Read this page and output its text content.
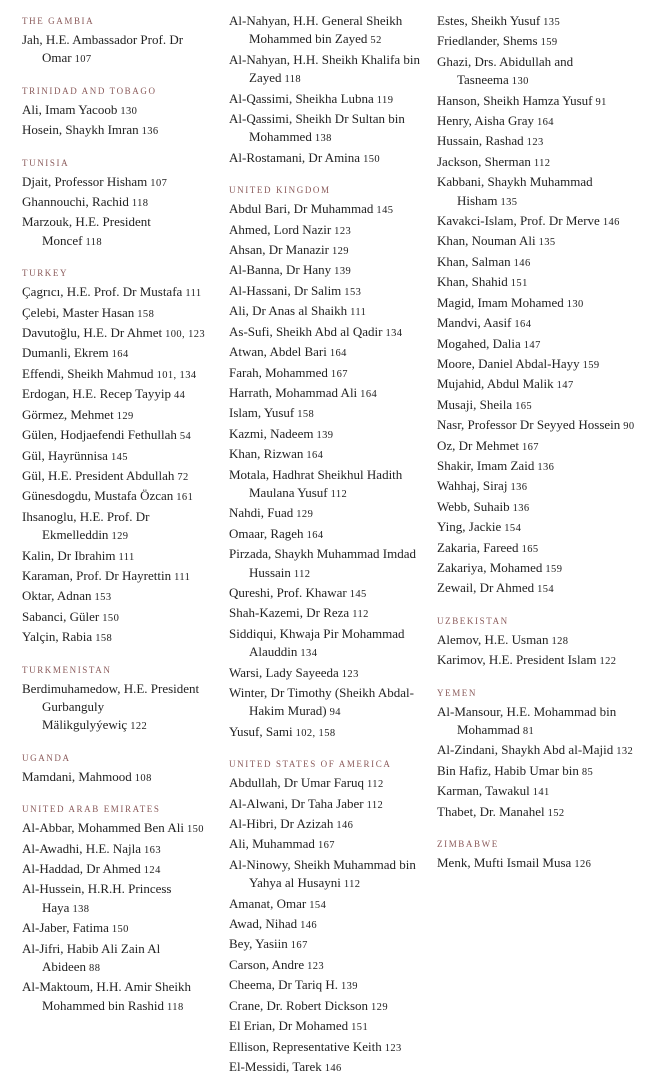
THE GAMBIA
Jah, H.E. Ambassador Prof. Dr Omar 107
TRINIDAD AND TOBAGO
Ali, Imam Yacoob 130
Hosein, Shaykh Imran 136
TUNISIA
Djait, Professor Hisham 107
Ghannouchi, Rachid 118
Marzouk, H.E. President Moncef 118
TURKEY
Çagrıcı, H.E. Prof. Dr Mustafa 111
Çelebi, Master Hasan 158
Davutoğlu, H.E. Dr Ahmet 100, 123
Dumanli, Ekrem 164
Effendi, Sheikh Mahmud 101, 134
Erdogan, H.E. Recep Tayyip 44
Görmez, Mehmet 129
Gülen, Hodjaefendi Fethullah 54
Gül, Hayrünnisa 145
Gül, H.E. President Abdullah 72
Günesdogdu, Mustafa Özcan 161
Ihsanoglu, H.E. Prof. Dr Ekmelleddin 129
Kalin, Dr Ibrahim 111
Karaman, Prof. Dr Hayrettin 111
Oktar, Adnan 153
Sabanci, Güler 150
Yalçin, Rabia 158
TURKMENISTAN
Berdimuhamedow, H.E. President Gurbanguly Mälikgulyýewiç 122
UGANDA
Mamdani, Mahmood 108
UNITED ARAB EMIRATES
Al-Abbar, Mohammed Ben Ali 150
Al-Awadhi, H.E. Najla 163
Al-Haddad, Dr Ahmed 124
Al-Hussein, H.R.H. Princess Haya 138
Al-Jaber, Fatima 150
Al-Jifri, Habib Ali Zain Al Abideen 88
Al-Maktoum, H.H. Amir Sheikh Mohammed bin Rashid 118
Al-Nahyan, H.H. General Sheikh Mohammed bin Zayed 52
Al-Nahyan, H.H. Sheikh Khalifa bin Zayed 118
Al-Qassimi, Sheikha Lubna 119
Al-Qassimi, Sheikh Dr Sultan bin Mohammed 138
Al-Rostamani, Dr Amina 150
UNITED KINGDOM
Abdul Bari, Dr Muhammad 145
Ahmed, Lord Nazir 123
Ahsan, Dr Manazir 129
Al-Banna, Dr Hany 139
Al-Hassani, Dr Salim 153
Ali, Dr Anas al Shaikh 111
As-Sufi, Sheikh Abd al Qadir 134
Atwan, Abdel Bari 164
Farah, Mohammed 167
Harrath, Mohammad Ali 164
Islam, Yusuf 158
Kazmi, Nadeem 139
Khan, Rizwan 164
Motala, Hadhrat Sheikhul Hadith Maulana Yusuf 112
Nahdi, Fuad 129
Omaar, Rageh 164
Pirzada, Shaykh Muhammad Imdad Hussain 112
Qureshi, Prof. Khawar 145
Shah-Kazemi, Dr Reza 112
Siddiqui, Khwaja Pir Mohammad Alauddin 134
Warsi, Lady Sayeeda 123
Winter, Dr Timothy (Sheikh Abdal-Hakim Murad) 94
Yusuf, Sami 102, 158
UNITED STATES OF AMERICA
Abdullah, Dr Umar Faruq 112
Al-Alwani, Dr Taha Jaber 112
Al-Hibri, Dr Azizah 146
Ali, Muhammad 167
Al-Ninowy, Sheikh Muhammad bin Yahya al Husayni 112
Amanat, Omar 154
Awad, Nihad 146
Bey, Yasiin 167
Carson, Andre 123
Cheema, Dr Tariq H. 139
Crane, Dr. Robert Dickson 129
El Erian, Dr Mohamed 151
Ellison, Representative Keith 123
El-Messidi, Tarek 146
Estes, Sheikh Yusuf 135
Friedlander, Shems 159
Ghazi, Drs. Abidullah and Tasneema 130
Hanson, Sheikh Hamza Yusuf 91
Henry, Aisha Gray 164
Hussain, Rashad 123
Jackson, Sherman 112
Kabbani, Shaykh Muhammad Hisham 135
Kavakci-Islam, Prof. Dr Merve 146
Khan, Nouman Ali 135
Khan, Salman 146
Khan, Shahid 151
Magid, Imam Mohamed 130
Mandvi, Aasif 164
Mogahed, Dalia 147
Moore, Daniel Abdal-Hayy 159
Mujahid, Abdul Malik 147
Musaji, Sheila 165
Nasr, Professor Dr Seyyed Hossein 90
Oz, Dr Mehmet 167
Shakir, Imam Zaid 136
Wahhaj, Siraj 136
Webb, Suhaib 136
Ying, Jackie 154
Zakaria, Fareed 165
Zakariya, Mohamed 159
Zewail, Dr Ahmed 154
UZBEKISTAN
Alemov, H.E. Usman 128
Karimov, H.E. President Islam 122
YEMEN
Al-Mansour, H.E. Mohammad bin Mohammad 81
Al-Zindani, Shaykh Abd al-Majid 132
Bin Hafiz, Habib Umar bin 85
Karman, Tawakul 141
Thabet, Dr. Manahel 152
ZIMBABWE
Menk, Mufti Ismail Musa 126
